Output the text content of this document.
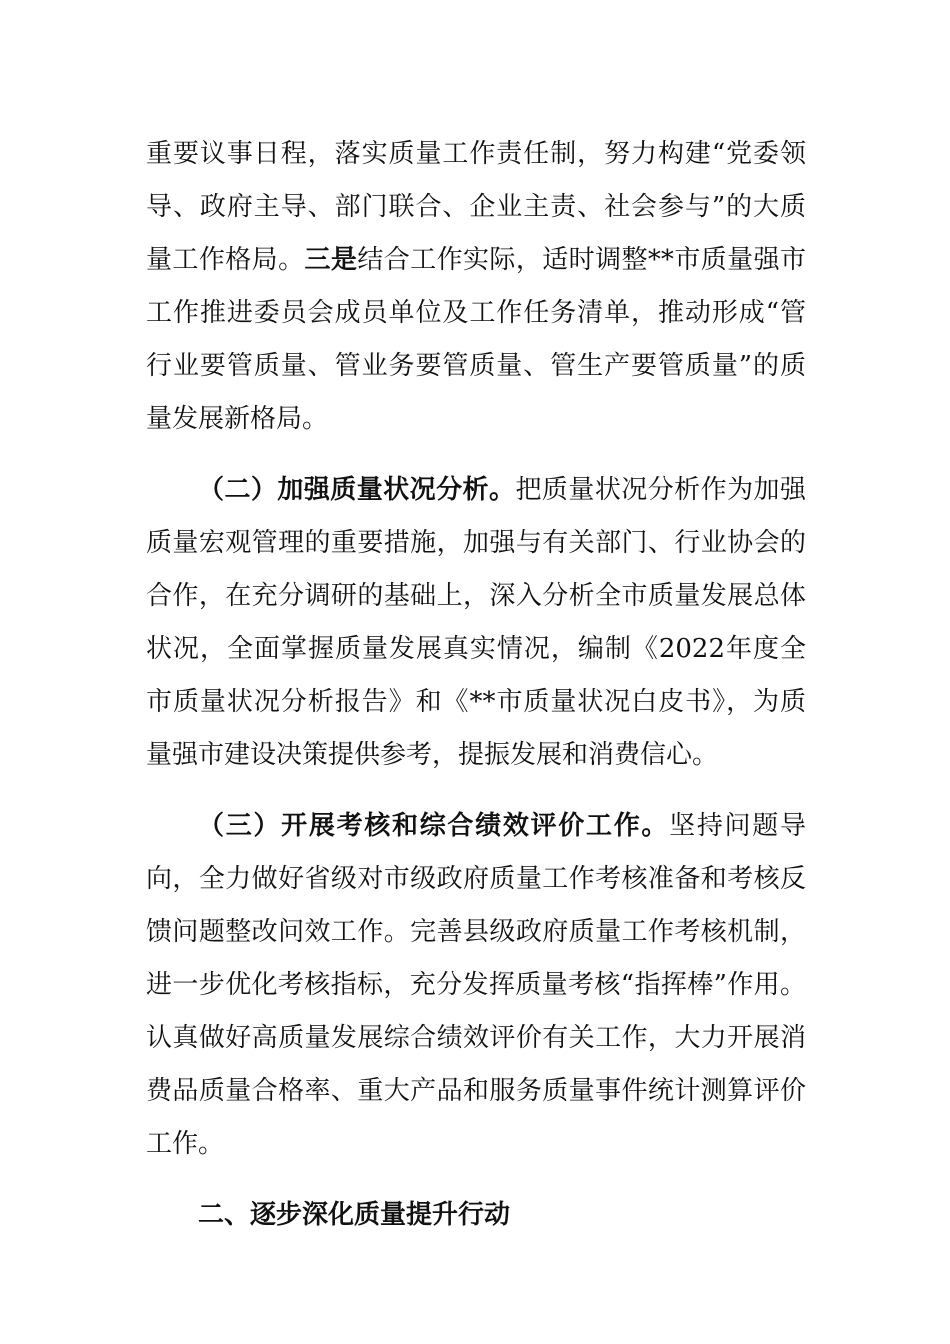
重要议事日程，落实质量工作责任制，努力构建“党委领导、政府主导、部门联合、企业主责、社会参与”的大质量工作格局。三是结合工作实际，适时调整**市质量强市工作推进委员会成员单位及工作任务清单，推动形成“管行业要管质量、管业务要管质量、管生产要管质量”的质量发展新格局。

（二）加强质量状况分析。把质量状况分析作为加强质量宏观管理的重要措施，加强与有关部门、行业协会的合作，在充分调研的基础上，深入分析全市质量发展总体状况，全面掌握质量发展真实情况，编制《2022年度全市质量状况分析报告》和《**市质量状况白皮书》，为质量强市建设决策提供参考，提振发展和消费信心。

（三）开展考核和综合绩效评价工作。坚持问题导向，全力做好省级对市级政府质量工作考核准备和考核反馈问题整改问效工作。完善县级政府质量工作考核机制，进一步优化考核指标，充分发挥质量考核“指挥棒”作用。认真做好高质量发展综合绩效评价有关工作，大力开展消费品质量合格率、重大产品和服务质量事件统计测算评价工作。

二、逐步深化质量提升行动
